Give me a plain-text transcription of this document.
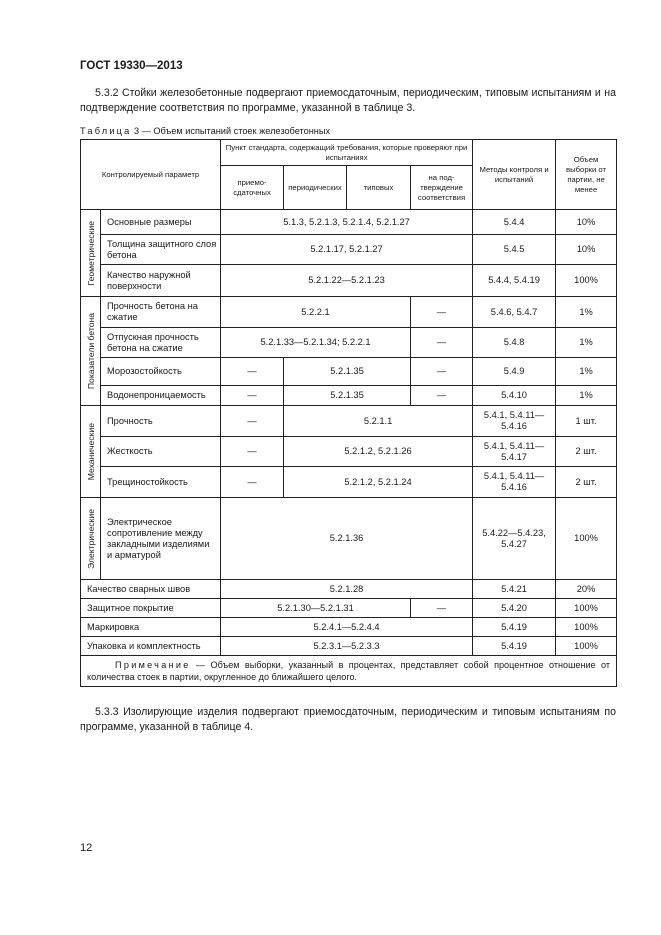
ГОСТ 19330—2013
5.3.2 Стойки железобетонные подвергают приемосдаточным, периодическим, типовым испытаниям и на подтверждение соответствия по программе, указанной в таблице 3.
Таблица 3 — Объем испытаний стоек железобетонных
Контролируемый параметр		Пункт стандарта, содержащий требования, которые проверяют при испытаниях				Методы контроля и испытаний	Объем выборки от партии, не менее
		приемо-сдаточных	периодических	типовых	на под-тверждение соответствия		

Геометрические	Основные размеры	5.1.3, 5.2.1.3, 5.2.1.4, 5.2.1.27				5.4.4	10%
	Толщина защитного слоя бетона	5.2.1.17, 5.2.1.27				5.4.5	10%
	Качество наружной поверхности	5.2.1.22—5.2.1.23				5.4.4, 5.4.19	100%

Показатели бетона	Прочность бетона на сжатие	5.2.2.1			—	5.4.6, 5.4.7	1%
	Отпускная прочность бетона на сжатие	5.2.1.33—5.2.1.34; 5.2.2.1			—	5.4.8	1%
	Морозостойкость	—	5.2.1.35		—	5.4.9	1%
	Водонепроницаемость	—	5.2.1.35		—	5.4.10	1%

Механические	Прочность	—	5.2.1.1			5.4.1, 5.4.11—5.4.16	1 шт.
	Жесткость	—	5.2.1.2, 5.2.1.26			5.4.1, 5.4.11—5.4.17	2 шт.
	Трещиностойкость	—	5.2.1.2, 5.2.1.24			5.4.1, 5.4.11—5.4.16	2 шт.

Электрические	Электрическое сопротивление между закладными изделиями и арматурой	5.2.1.36				5.4.22—5.4.23, 5.4.27	100%
Качество сварных швов		5.2.1.28				5.4.21	20%
Защитное покрытие		5.2.1.30—5.2.1.31			—	5.4.20	100%
Маркировка		5.2.4.1—5.2.4.4				5.4.19	100%
Упаковка и комплектность		5.2.3.1—5.2.3.3				5.4.19	100%
Примечание — Объем выборки, указанный в процентах, представляет собой процентное отношение от количества стоек в партии, округленное до ближайшего целого.							
5.3.3 Изолирующие изделия подвергают приемосдаточным, периодическим и типовым испытаниям по программе, указанной в таблице 4.
12
